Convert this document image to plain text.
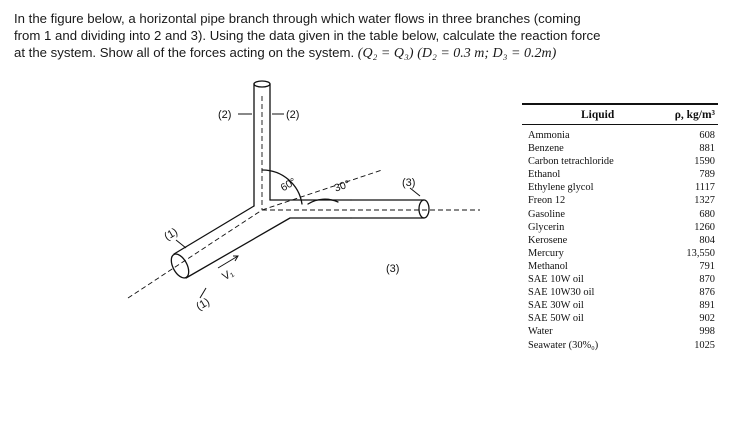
In the figure below, a horizontal pipe branch through which water flows in three branches (coming
from 1 and dividing into 2 and 3). Using the data given in the table below, calculate the reaction force
at the system. Show all of the forces acting on the system. (Q₂ = Q₃) (D₂ = 0.3 m; D₃ = 0.2m)
(2)	(2)
(3)
(3)
(1)
(1)
V₁
60°	30°
Liquid	ρ, kg/m³
Ammonia	608
Benzene	881
Carbon tetrachloride	1590
Ethanol	789
Ethylene glycol	1117
Freon 12	1327
Gasoline	680
Glycerin	1260
Kerosene	804
Mercury	13,550
Methanol	791
SAE 10W oil	870
SAE 10W30 oil	876
SAE 30W oil	891
SAE 50W oil	902
Water	998
Seawater (30%₀)	1025
